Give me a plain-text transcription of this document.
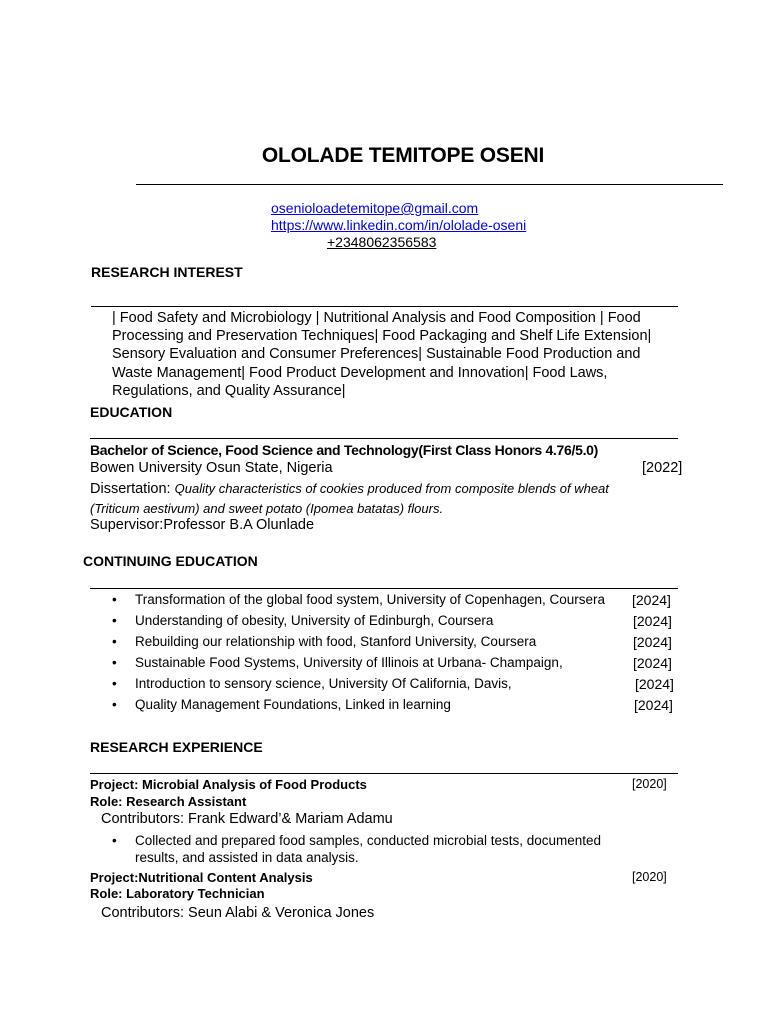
OLOLADE TEMITOPE OSENI
osenioloadetemitope@gmail.com
https://www.linkedin.com/in/ololade-oseni
+2348062356583
RESEARCH INTEREST
| Food Safety and Microbiology | Nutritional Analysis and Food Composition | Food Processing and Preservation Techniques| Food Packaging and Shelf Life Extension| Sensory Evaluation and Consumer Preferences| Sustainable Food Production and Waste Management| Food Product Development and Innovation| Food Laws, Regulations, and Quality Assurance|
EDUCATION
Bachelor of Science, Food Science and Technology(First Class Honors 4.76/5.0)
Bowen University Osun State, Nigeria	[2022]
Dissertation: Quality characteristics of cookies produced from composite blends of wheat
(Triticum aestivum) and sweet potato (Ipomea batatas) flours.
Supervisor:Professor B.A Olunlade
CONTINUING EDUCATION
• Transformation of the global food system, University of Copenhagen, Coursera [2024]
• Understanding of obesity, University of Edinburgh, Coursera	[2024]
• Rebuilding our relationship with food, Stanford University, Coursera	[2024]
• Sustainable Food Systems, University of Illinois at Urbana- Champaign,	[2024]
• Introduction to sensory science, University Of California, Davis,	[2024]
• Quality Management Foundations, Linked in learning	[2024]
RESEARCH EXPERIENCE
Project: Microbial Analysis of Food Products	[2020]
Role: Research Assistant
Contributors: Frank Edward’& Mariam Adamu
• Collected and prepared food samples, conducted microbial tests, documented results, and assisted in data analysis.
Project:Nutritional Content Analysis	[2020]
Role: Laboratory Technician
Contributors: Seun Alabi & Veronica Jones
